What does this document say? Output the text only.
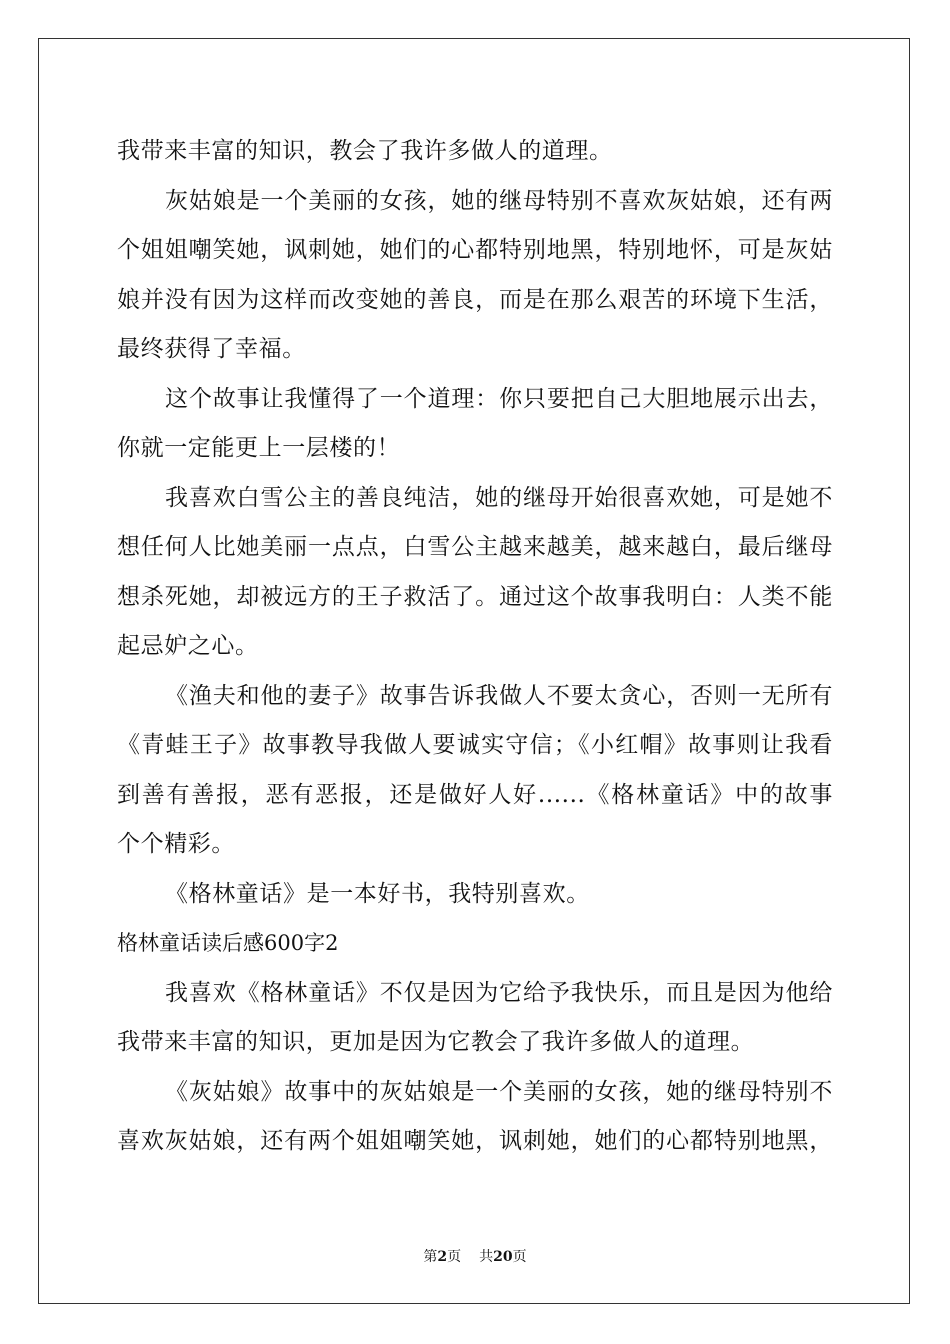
我带来丰富的知识，教会了我许多做人的道理。
灰姑娘是一个美丽的女孩，她的继母特别不喜欢灰姑娘，还有两
个姐姐嘲笑她，讽刺她，她们的心都特别地黑，特别地怀，可是灰姑
娘并没有因为这样而改变她的善良，而是在那么艰苦的环境下生活，
最终获得了幸福。
这个故事让我懂得了一个道理：你只要把自己大胆地展示出去，
你就一定能更上一层楼的！
我喜欢白雪公主的善良纯洁，她的继母开始很喜欢她，可是她不
想任何人比她美丽一点点，白雪公主越来越美，越来越白，最后继母
想杀死她，却被远方的王子救活了。通过这个故事我明白：人类不能
起忌妒之心。
《渔夫和他的妻子》故事告诉我做人不要太贪心，否则一无所有
《青蛙王子》故事教导我做人要诚实守信；《小红帽》故事则让我看
到善有善报，恶有恶报，还是做好人好......《格林童话》中的故事
个个精彩。
《格林童话》是一本好书，我特别喜欢。
格林童话读后感600字2
我喜欢《格林童话》不仅是因为它给予我快乐，而且是因为他给
我带来丰富的知识，更加是因为它教会了我许多做人的道理。
《灰姑娘》故事中的灰姑娘是一个美丽的女孩，她的继母特别不
喜欢灰姑娘，还有两个姐姐嘲笑她，讽刺她，她们的心都特别地黑，
第2页 共20页
